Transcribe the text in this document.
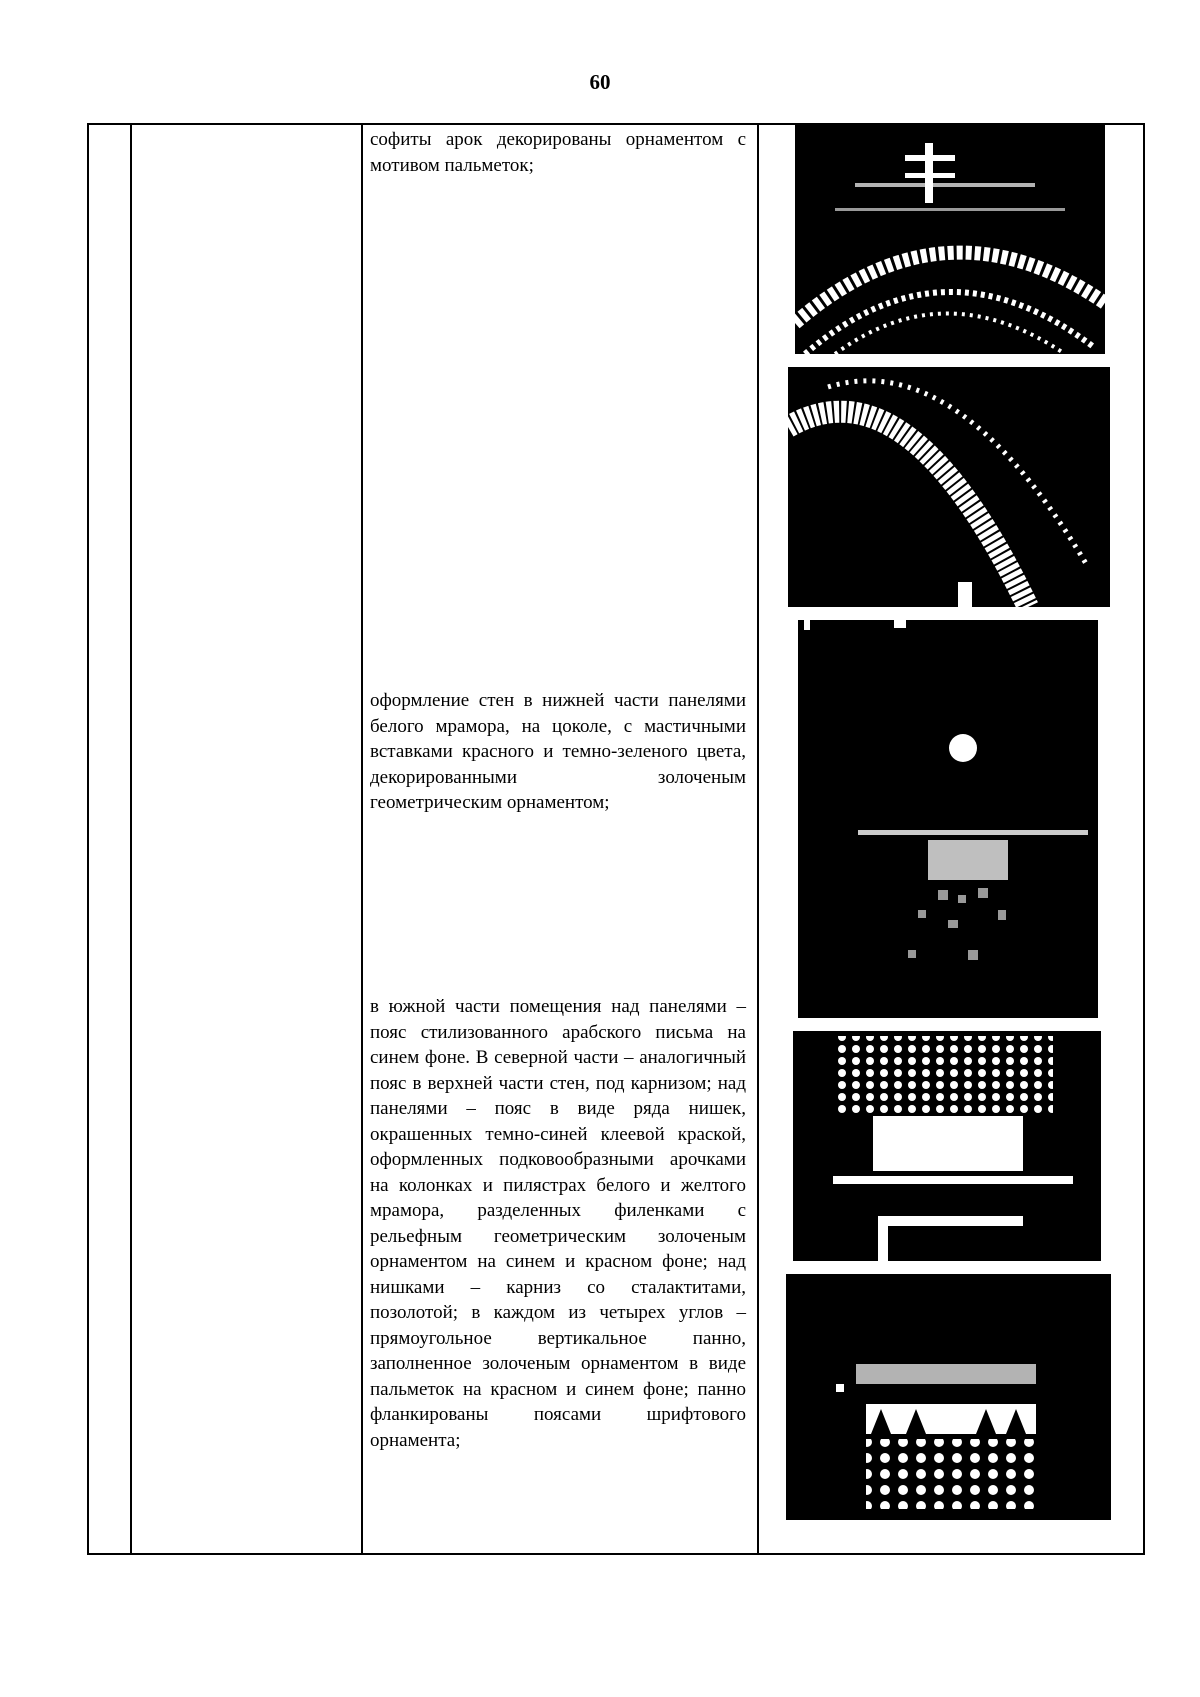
60
софиты арок декорированы орнаментом с мотивом пальметок;
оформление стен в нижней части панелями белого мрамора, на цоколе, с мастичными вставками красного и темно-зеленого цвета, декорированными золоченым геометрическим орнаментом;
в южной части помещения над панелями – пояс стилизованного арабского письма на синем фоне. В северной части – аналогичный пояс в верхней части стен, под карнизом; над панелями – пояс в виде ряда нишек, окрашенных темно-синей клеевой краской, оформленных подковообразными арочками на колонках и пилястрах белого и желтого мрамора, разделенных филенками с рельефным геометрическим золоченым орнаментом на синем и красном фоне; над нишками – карниз со сталактитами, позолотой; в каждом из четырех углов – прямоугольное вертикальное панно, заполненное золоченым орнаментом в виде пальметок на красном и синем фоне; панно фланкированы поясами шрифтового орнамента;
